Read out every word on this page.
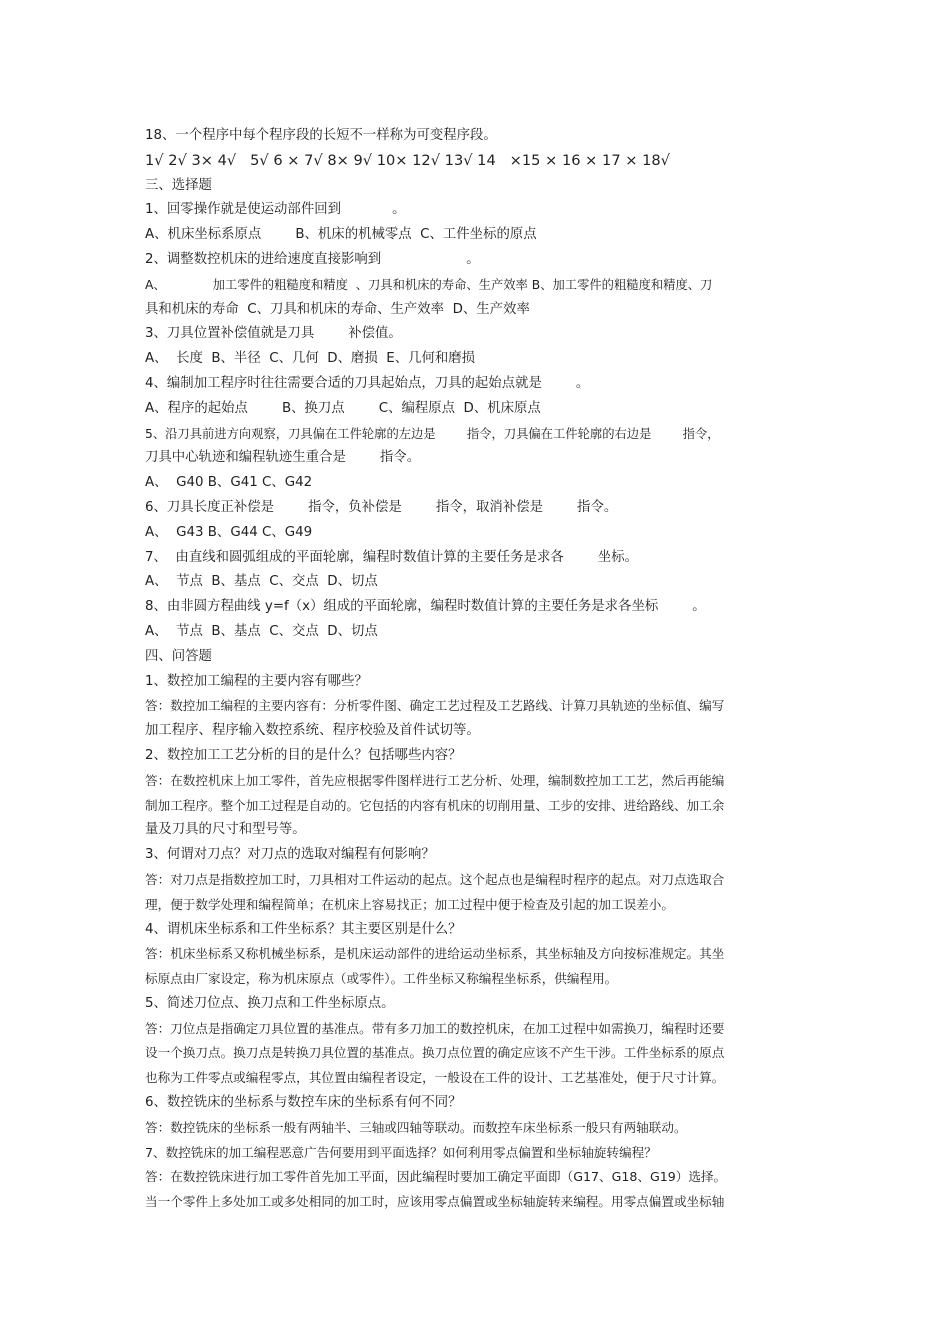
18、一个程序中每个程序段的长短不一样称为可变程序段。
1√ 2√ 3× 4√   5√ 6 × 7√ 8× 9√ 10× 12√ 13√ 14   ×15 × 16 × 17 × 18√
三、选择题
1、回零操作就是使运动部件回到            。
A、机床坐标系原点        B、机床的机械零点  C、工件坐标的原点
2、调整数控机床的进给速度直接影响到                    。
A、            加工零件的粗糙度和精度  、刀具和机床的寿命、生产效率 B、加工零件的粗糙度和精度、刀
具和机床的寿命  C、刀具和机床的寿命、生产效率  D、生产效率
3、刀具位置补偿值就是刀具        补偿值。
A、  长度  B、半径  C、几何  D、磨损  E、几何和磨损
4、编制加工程序时往往需要合适的刀具起始点，刀具的起始点就是        。
A、程序的起始点        B、换刀点        C、编程原点  D、机床原点
5、沿刀具前进方向观察，刀具偏在工件轮廓的左边是        指令，刀具偏在工件轮廓的右边是        指令，
刀具中心轨迹和编程轨迹生重合是        指令。
A、  G40 B、G41 C、G42
6、刀具长度正补偿是        指令，负补偿是        指令，取消补偿是        指令。
A、  G43 B、G44 C、G49
7、  由直线和圆弧组成的平面轮廓，编程时数值计算的主要任务是求各        坐标。
A、  节点  B、基点  C、交点  D、切点
8、由非圆方程曲线 y=f（x）组成的平面轮廓，编程时数值计算的主要任务是求各坐标        。
A、  节点  B、基点  C、交点  D、切点
四、问答题
1、数控加工编程的主要内容有哪些？
答：数控加工编程的主要内容有：分析零件图、确定工艺过程及工艺路线、计算刀具轨迹的坐标值、编写
加工程序、程序输入数控系统、程序校验及首件试切等。
2、数控加工工艺分析的目的是什么？包括哪些内容？
答：在数控机床上加工零件，首先应根据零件图样进行工艺分析、处理，编制数控加工工艺，然后再能编
制加工程序。整个加工过程是自动的。它包括的内容有机床的切削用量、工步的安排、进给路线、加工余
量及刀具的尺寸和型号等。
3、何谓对刀点？对刀点的选取对编程有何影响？
答：对刀点是指数控加工时，刀具相对工件运动的起点。这个起点也是编程时程序的起点。对刀点选取合
理，便于数学处理和编程简单；在机床上容易找正；加工过程中便于检查及引起的加工误差小。
4、谓机床坐标系和工件坐标系？其主要区别是什么？
答：机床坐标系又称机械坐标系，是机床运动部件的进给运动坐标系，其坐标轴及方向按标准规定。其坐
标原点由厂家设定，称为机床原点（或零件）。工件坐标又称编程坐标系，供编程用。
5、简述刀位点、换刀点和工件坐标原点。
答：刀位点是指确定刀具位置的基准点。带有多刀加工的数控机床，在加工过程中如需换刀，编程时还要
设一个换刀点。换刀点是转换刀具位置的基准点。换刀点位置的确定应该不产生干涉。工件坐标系的原点
也称为工件零点或编程零点，其位置由编程者设定，一般设在工件的设计、工艺基准处，便于尺寸计算。
6、数控铣床的坐标系与数控车床的坐标系有何不同？
答：数控铣床的坐标系一般有两轴半、三轴或四轴等联动。而数控车床坐标系一般只有两轴联动。
7、数控铣床的加工编程恶意广告何要用到平面选择？如何利用零点偏置和坐标轴旋转编程？
答：在数控铣床进行加工零件首先加工平面，因此编程时要加工确定平面即（G17、G18、G19）选择。
当一个零件上多处加工或多处相同的加工时，应该用零点偏置或坐标轴旋转来编程。用零点偏置或坐标轴
